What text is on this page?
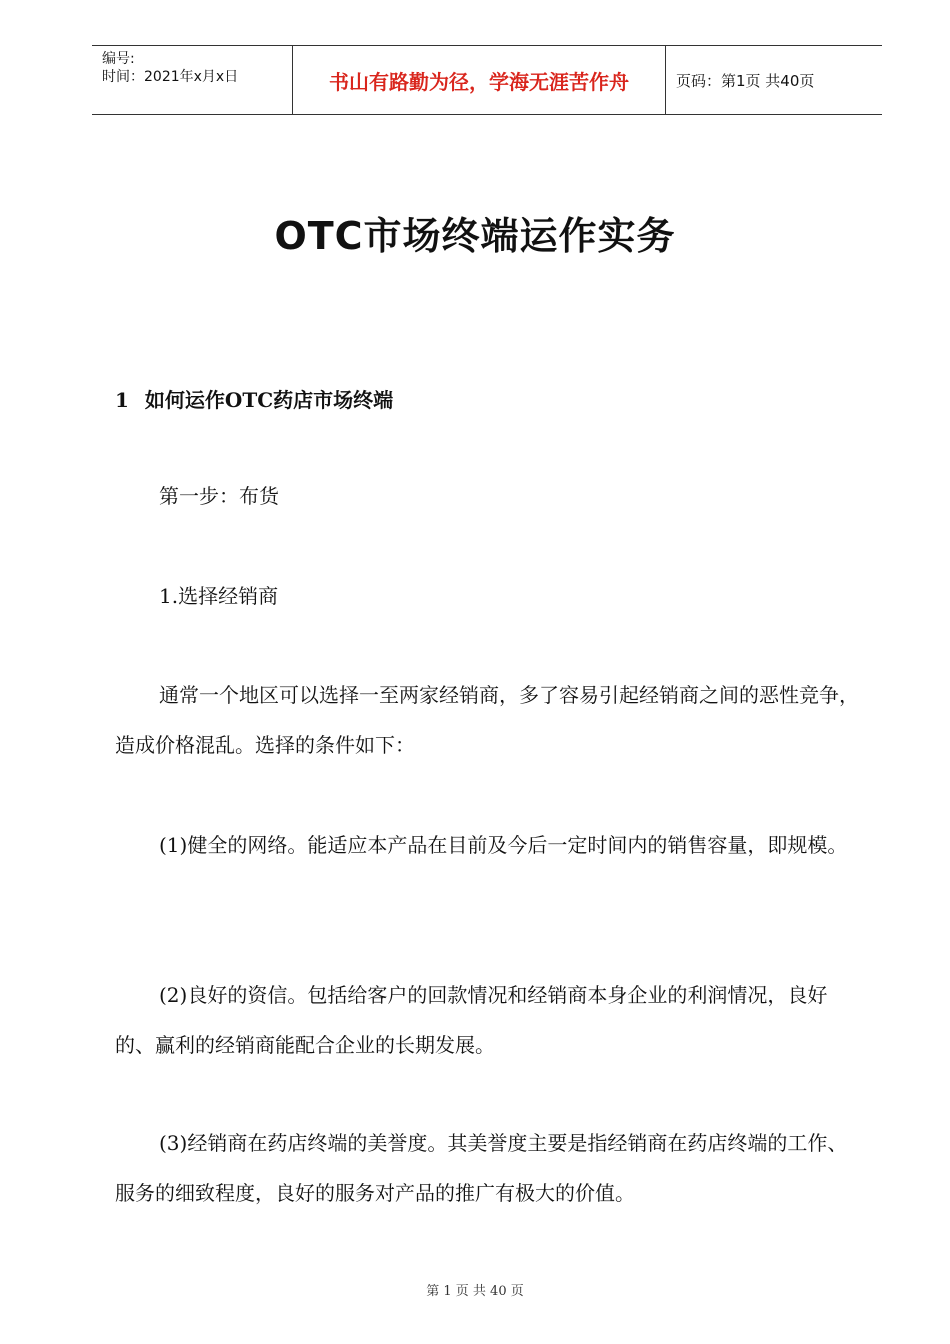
编号:
时间：2021年x月x日	书山有路勤为径，学海无涯苦作舟	页码：第1页 共40页
OTC市场终端运作实务
1 如何运作OTC药店市场终端
第一步：布货
1.选择经销商
通常一个地区可以选择一至两家经销商，多了容易引起经销商之间的恶性竞争，造成价格混乱。选择的条件如下：
(1)健全的网络。能适应本产品在目前及今后一定时间内的销售容量，即规模。
(2)良好的资信。包括给客户的回款情况和经销商本身企业的利润情况，良好的、赢利的经销商能配合企业的长期发展。
(3)经销商在药店终端的美誉度。其美誉度主要是指经销商在药店终端的工作、服务的细致程度，良好的服务对产品的推广有极大的价值。
第 1 页 共 40 页
